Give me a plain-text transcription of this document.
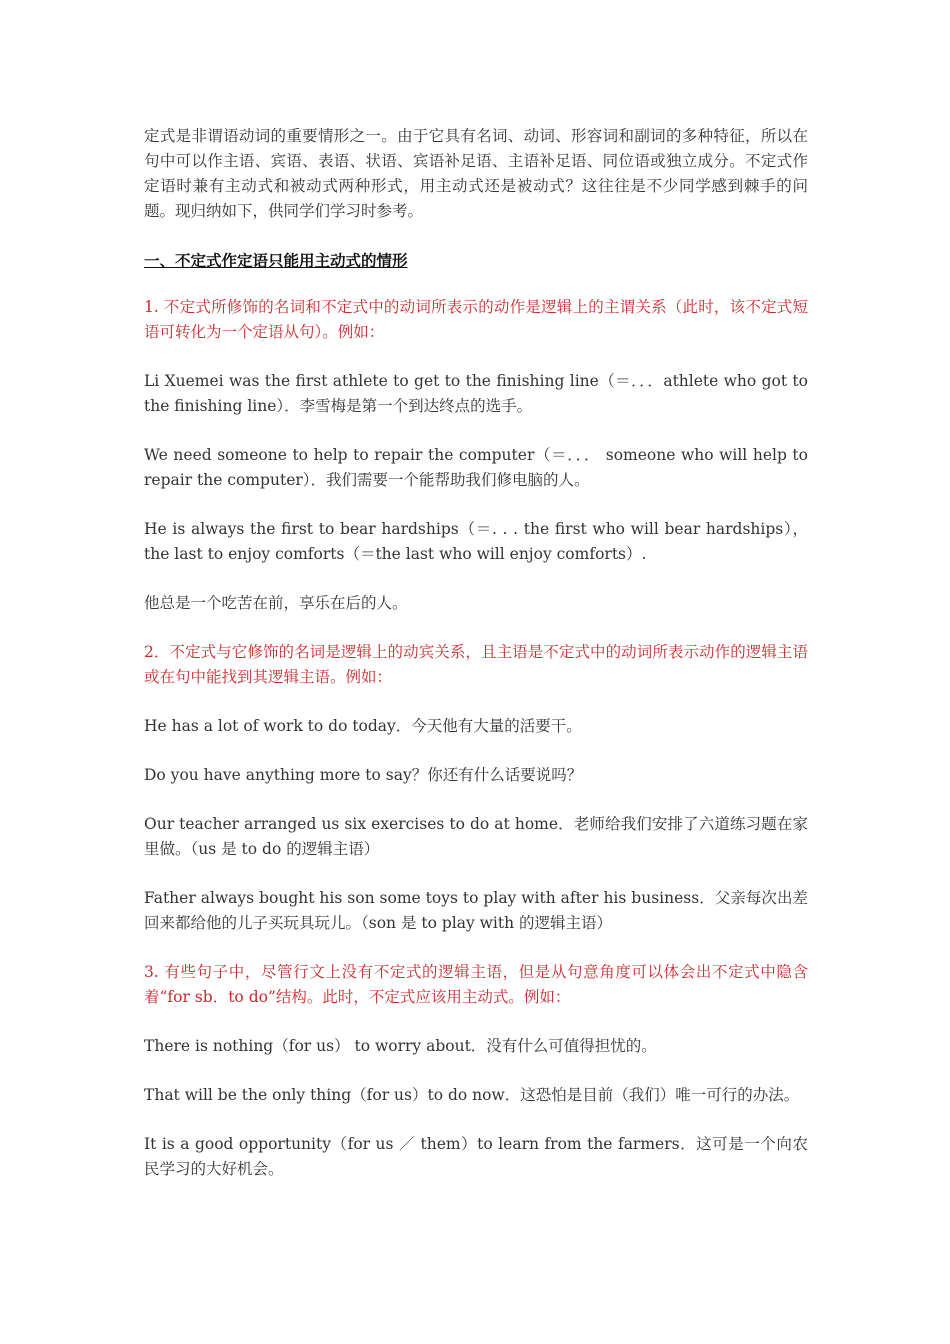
定式是非谓语动词的重要情形之一。由于它具有名词、动词、形容词和副词的多种特征，所以在句中可以作主语、宾语、表语、状语、宾语补足语、主语补足语、同位语或独立成分。不定式作定语时兼有主动式和被动式两种形式，用主动式还是被动式？这往往是不少同学感到棘手的问题。现归纳如下，供同学们学习时参考。

一、不定式作定语只能用主动式的情形

1. 不定式所修饰的名词和不定式中的动词所表示的动作是逻辑上的主谓关系（此时，该不定式短语可转化为一个定语从句）。例如：

Li Xuemei was the first athlete to get to the finishing line（＝．．．athlete who got to the finishing line）．李雪梅是第一个到达终点的选手。

We need someone to help to repair the computer（＝．．． someone who will help to repair the computer）．我们需要一个能帮助我们修电脑的人。

He is always the first to bear hardships（＝. . . the first who will bear hardships），the last to enjoy comforts（＝the last who will enjoy comforts）.

他总是一个吃苦在前，享乐在后的人。

2．不定式与它修饰的名词是逻辑上的动宾关系，且主语是不定式中的动词所表示动作的逻辑主语或在句中能找到其逻辑主语。例如：

He has a lot of work to do today．今天他有大量的活要干。

Do you have anything more to say？你还有什么话要说吗？

Our teacher arranged us six exercises to do at home．老师给我们安排了六道练习题在家里做。（us 是 to do 的逻辑主语）

Father always bought his son some toys to play with after his business．父亲每次出差回来都给他的儿子买玩具玩儿。（son 是 to play with 的逻辑主语）

3. 有些句子中，尽管行文上没有不定式的逻辑主语，但是从句意角度可以体会出不定式中隐含着“for sb．to do”结构。此时，不定式应该用主动式。例如：

There is nothing（for us） to worry about．没有什么可值得担忧的。

That will be the only thing（for us）to do now．这恐怕是目前（我们）唯一可行的办法。

It is a good opportunity（for us ／ them）to learn from the farmers．这可是一个向农民学习的大好机会。
